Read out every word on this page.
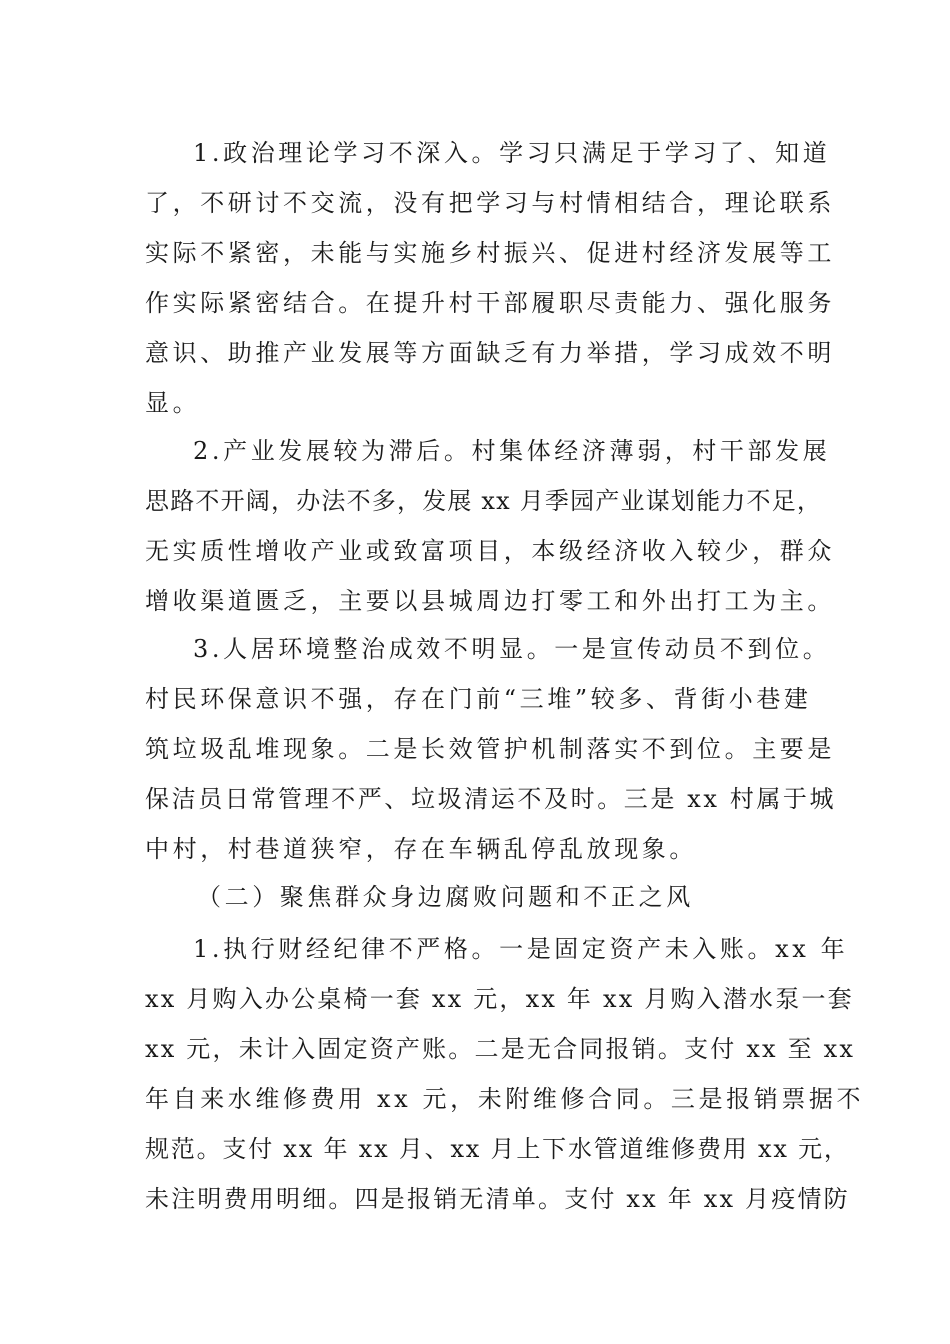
1.政治理论学习不深入。学习只满足于学习了、知道
了，不研讨不交流，没有把学习与村情相结合，理论联系
实际不紧密，未能与实施乡村振兴、促进村经济发展等工
作实际紧密结合。在提升村干部履职尽责能力、强化服务
意识、助推产业发展等方面缺乏有力举措，学习成效不明
显。
2.产业发展较为滞后。村集体经济薄弱，村干部发展
思路不开阔，办法不多，发展 xx 月季园产业谋划能力不足，
无实质性增收产业或致富项目，本级经济收入较少，群众
增收渠道匮乏，主要以县城周边打零工和外出打工为主。
3.人居环境整治成效不明显。一是宣传动员不到位。
村民环保意识不强，存在门前“三堆”较多、背街小巷建
筑垃圾乱堆现象。二是长效管护机制落实不到位。主要是
保洁员日常管理不严、垃圾清运不及时。三是 xx 村属于城
中村，村巷道狭窄，存在车辆乱停乱放现象。
（二）聚焦群众身边腐败问题和不正之风
1.执行财经纪律不严格。一是固定资产未入账。xx 年
xx 月购入办公桌椅一套 xx 元，xx 年 xx 月购入潜水泵一套
xx 元，未计入固定资产账。二是无合同报销。支付 xx 至 xx
年自来水维修费用 xx 元，未附维修合同。三是报销票据不
规范。支付 xx 年 xx 月、xx 月上下水管道维修费用 xx 元，
未注明费用明细。四是报销无清单。支付 xx 年 xx 月疫情防
